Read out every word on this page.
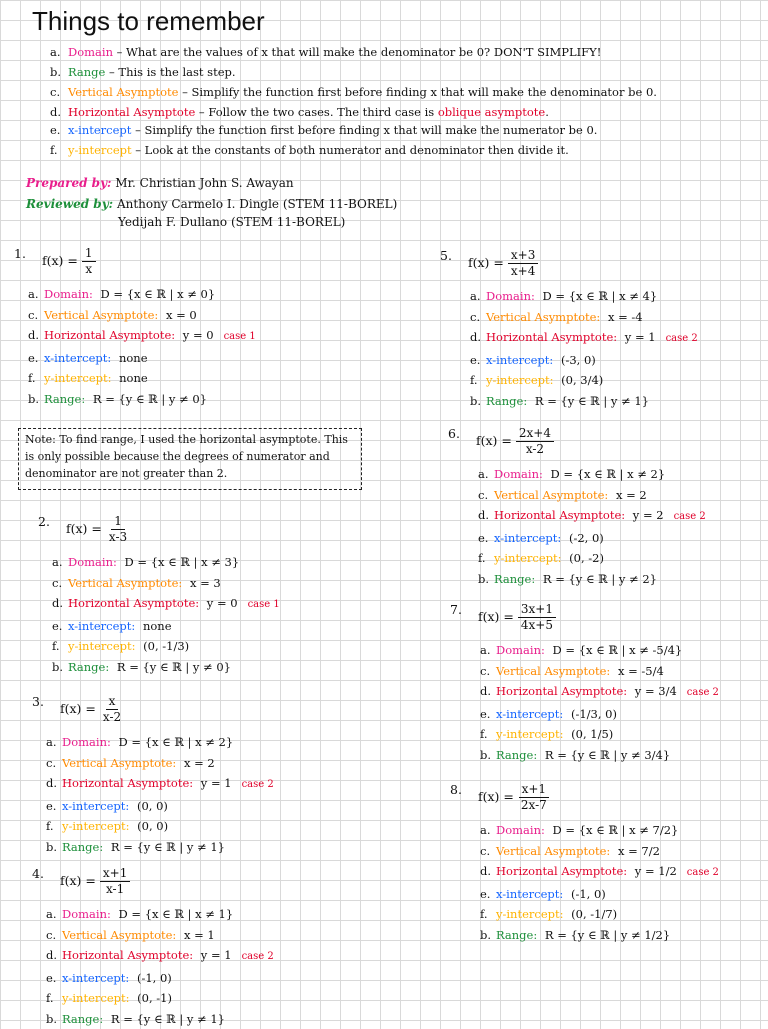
Things to remember
a. Domain – What are the values of x that will make the denominator be 0? DON'T SIMPLIFY!
b. Range – This is the last step.
c. Vertical Asymptote – Simplify the function first before finding x that will make the denominator be 0.
d. Horizontal Asymptote – Follow the two cases. The third case is oblique asymptote.
e. x-intercept – Simplify the function first before finding x that will make the numerator be 0.
f. y-intercept – Look at the constants of both numerator and denominator then divide it.
Prepared by: Mr. Christian John S. Awayan
Reviewed by: Anthony Carmelo I. Dingle (STEM 11-BOREL)
Yedijah F. Dullano (STEM 11-BOREL)
Note: To find range, I used the horizontal asymptote. This is only possible because the degrees of numerator and denominator are not greater than 2.
1. $f(x) = \frac{1}{x}$
a. Domain: D = {x ∈ ℝ | x ≠ 0}
c. Vertical Asymptote: x = 0
d. Horizontal Asymptote: y = 0 case 1
e. x-intercept: none
f. y-intercept: none
b. Range: R = {y ∈ ℝ | y ≠ 0}
2. $f(x) = \frac{1}{x-3}$
a. Domain: D = {x ∈ ℝ | x ≠ 3}
c. Vertical Asymptote: x = 3
d. Horizontal Asymptote: y = 0 case 1
e. x-intercept: none
f. y-intercept: (0, -1/3)
b. Range: R = {y ∈ ℝ | y ≠ 0}
3. $f(x) = \frac{x}{x-2}$
a. Domain: D = {x ∈ ℝ | x ≠ 2}
c. Vertical Asymptote: x = 2
d. Horizontal Asymptote: y = 1 case 2
e. x-intercept: (0, 0)
f. y-intercept: (0, 0)
b. Range: R = {y ∈ ℝ | y ≠ 1}
4. $f(x) = \frac{x+1}{x-1}$
a. Domain: D = {x ∈ ℝ | x ≠ 1}
c. Vertical Asymptote: x = 1
d. Horizontal Asymptote: y = 1 case 2
e. x-intercept: (-1, 0)
f. y-intercept: (0, -1)
b. Range: R = {y ∈ ℝ | y ≠ 1}
5. $f(x) = \frac{x+3}{x+4}$
a. Domain: D = {x ∈ ℝ | x ≠ 4}
c. Vertical Asymptote: x = -4
d. Horizontal Asymptote: y = 1 case 2
e. x-intercept: (-3, 0)
f. y-intercept: (0, 3/4)
b. Range: R = {y ∈ ℝ | y ≠ 1}
6. $f(x) = \frac{2x+4}{x-2}$
a. Domain: D = {x ∈ ℝ | x ≠ 2}
c. Vertical Asymptote: x = 2
d. Horizontal Asymptote: y = 2 case 2
e. x-intercept: (-2, 0)
f. y-intercept: (0, -2)
b. Range: R = {y ∈ ℝ | y ≠ 2}
7. $f(x) = \frac{3x+1}{4x+5}$
a. Domain: D = {x ∈ ℝ | x ≠ -5/4}
c. Vertical Asymptote: x = -5/4
d. Horizontal Asymptote: y = 3/4 case 2
e. x-intercept: (-1/3, 0)
f. y-intercept: (0, 1/5)
b. Range: R = {y ∈ ℝ | y ≠ 3/4}
8. $f(x) = \frac{x+1}{2x-7}$
a. Domain: D = {x ∈ ℝ | x ≠ 7/2}
c. Vertical Asymptote: x = 7/2
d. Horizontal Asymptote: y = 1/2 case 2
e. x-intercept: (-1, 0)
f. y-intercept: (0, -1/7)
b. Range: R = {y ∈ ℝ | y ≠ 1/2}
